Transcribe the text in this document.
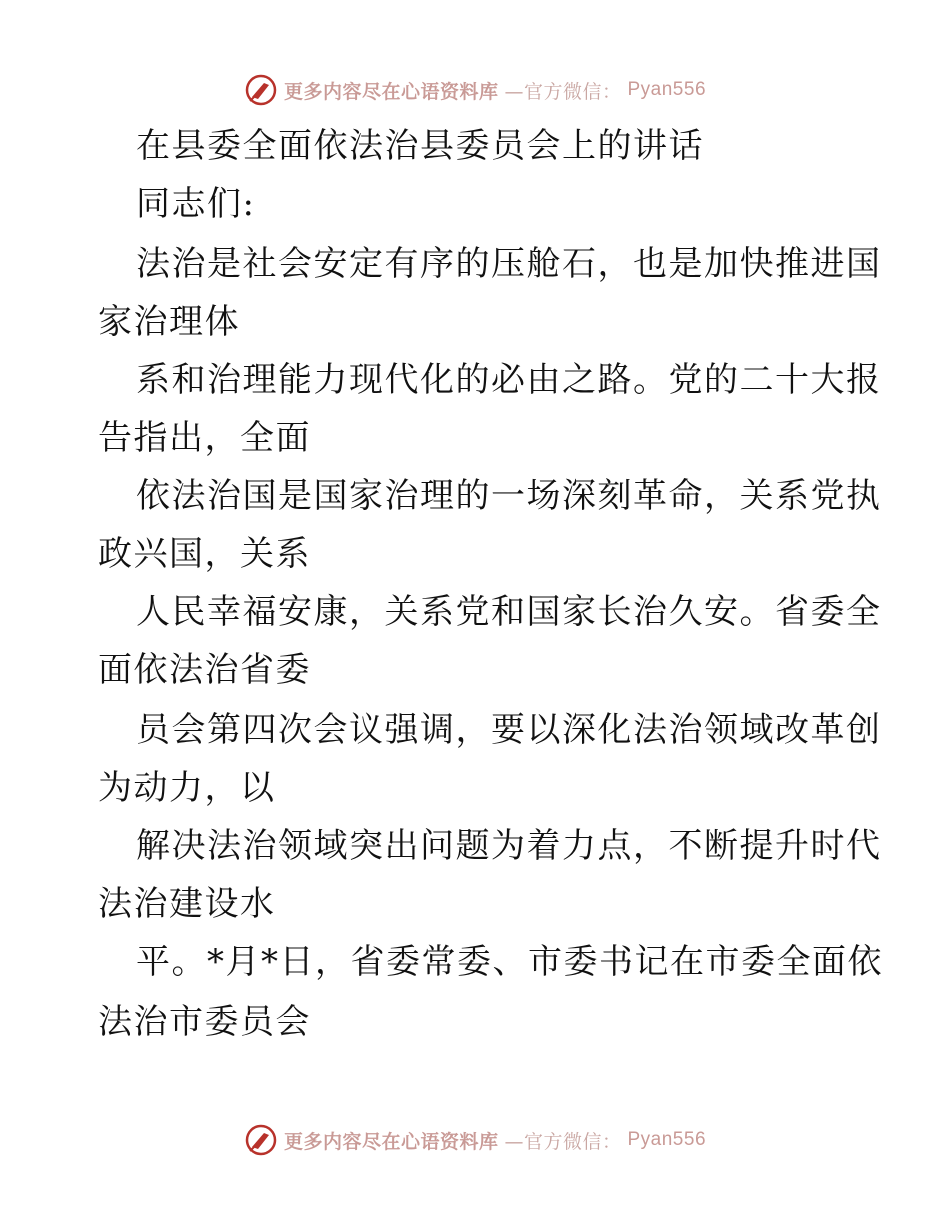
更多内容尽在心语资料库 —官方微信： Pyan556
在县委全面依法治县委员会上的讲话
同志们:
法治是社会安定有序的压舱石，也是加快推进国
家治理体
系和治理能力现代化的必由之路。党的二十大报
告指出，全面
依法治国是国家治理的一场深刻革命，关系党执
政兴国，关系
人民幸福安康，关系党和国家长治久安。省委全
面依法治省委
员会第四次会议强调，要以深化法治领域改革创
为动力，以
解决法治领域突出问题为着力点，不断提升时代
法治建设水
平。*月*日，省委常委、市委书记在市委全面依
法治市委员会
更多内容尽在心语资料库 —官方微信： Pyan556
